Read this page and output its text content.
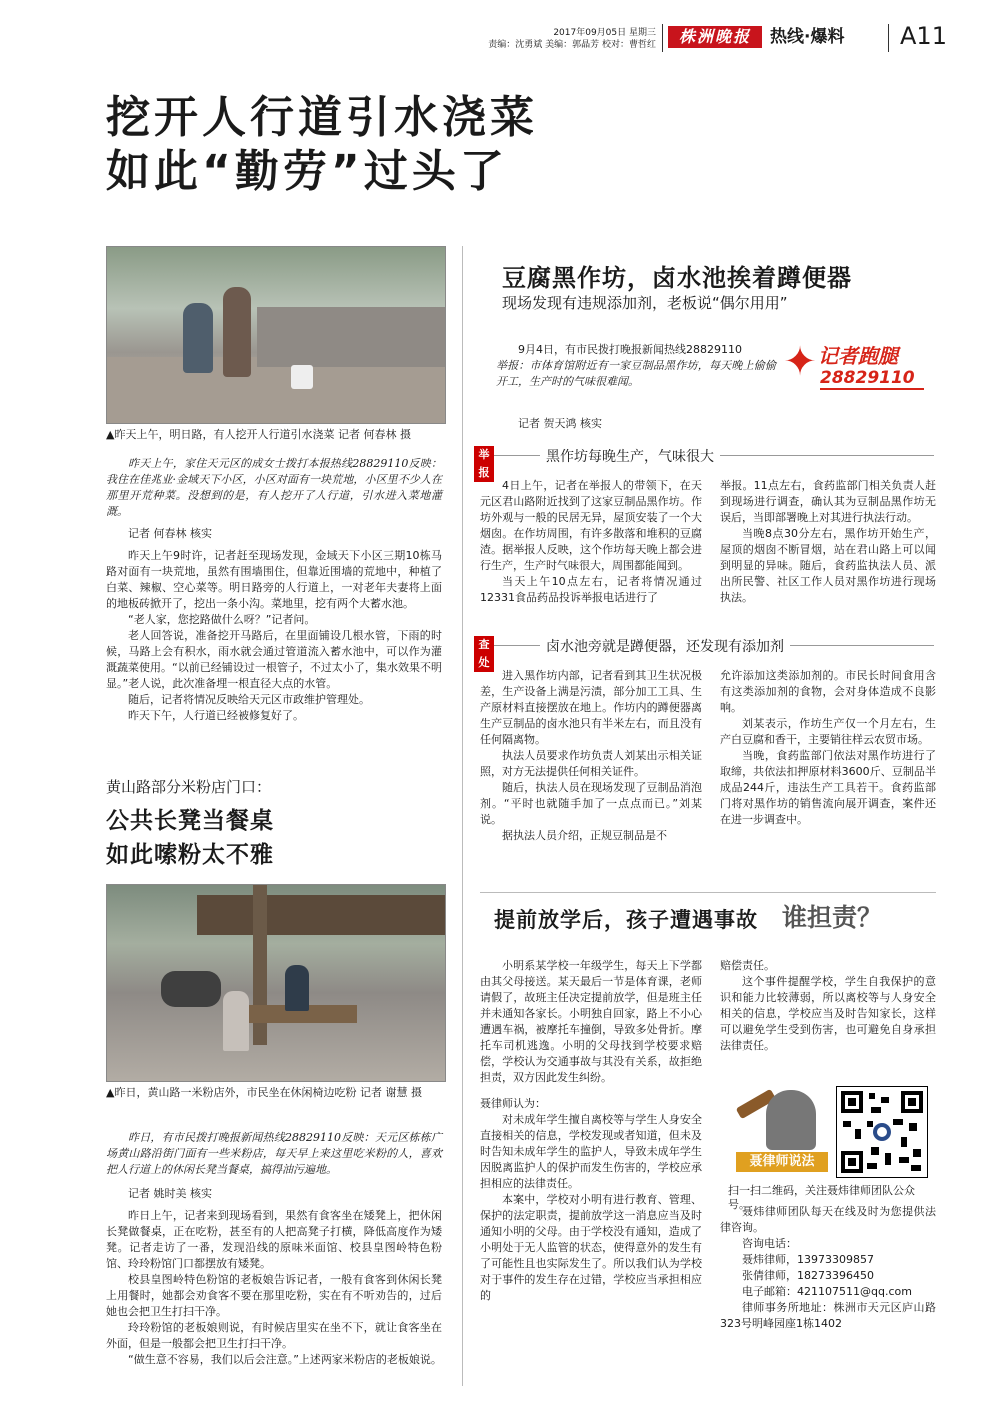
2017年09月05日 星期三
责编：沈勇斌 美编：郭晶芳 校对：曹哲红	株洲晚报	热线·爆料 A11
挖开人行道引水浇菜
如此“勤劳”过头了
▲昨天上午，明日路，有人挖开人行道引水浇菜 记者 何春林 摄

昨天上午，家住天元区的成女士拨打本报热线28829110反映：我住在佳兆业·金域天下小区，小区对面有一块荒地，小区里不少人在那里开荒种菜。没想到的是，有人挖开了人行道，引水进入菜地灌溉。

记者 何春林 核实

昨天上午9时许，记者赶至现场发现，金域天下小区三期10栋马路对面有一块荒地，虽然有围墙围住，但靠近围墙的荒地中，种植了白菜、辣椒、空心菜等。明日路旁的人行道上，一对老年夫妻将上面的地板砖掀开了，挖出一条小沟。菜地里，挖有两个大蓄水池。

“老人家，您挖路做什么呀？”记者问。

老人回答说，准备挖开马路后，在里面铺设几根水管，下雨的时候，马路上会有积水，雨水就会通过管道流入蓄水池中，可以作为灌溉蔬菜使用。“以前已经铺设过一根管子，不过太小了，集水效果不明显。”老人说，此次准备埋一根直径大点的水管。

随后，记者将情况反映给天元区市政维护管理处。

昨天下午，人行道已经被修复好了。

黄山路部分米粉店门口：
公共长凳当餐桌
如此嗦粉太不雅
▲昨日，黄山路一米粉店外，市民坐在休闲椅边吃粉 记者 谢慧 摄

昨日，有市民拨打晚报新闻热线28829110反映：天元区栋栋广场黄山路沿街门面有一些米粉店，每天早上来这里吃米粉的人，喜欢把人行道上的休闲长凳当餐桌，搞得油污遍地。

记者 姚时美 核实

昨日上午，记者来到现场看到，果然有食客坐在矮凳上，把休闲长凳做餐桌，正在吃粉，甚至有的人把高凳子打横，降低高度作为矮凳。记者走访了一番，发现沿线的原味米面馆、校县皇图岭特色粉馆、玲玲粉馆门口都摆放有矮凳。

校县皇图岭特色粉馆的老板娘告诉记者，一般有食客到休闲长凳上用餐时，她都会劝食客不要在那里吃粉，实在有不听劝告的，过后她也会把卫生打扫干净。

玲玲粉馆的老板娘则说，有时候店里实在坐不下，就让食客坐在外面，但是一般都会把卫生打扫干净。

“做生意不容易，我们以后会注意。”上述两家米粉店的老板娘说。

豆腐黑作坊，卤水池挨着蹲便器
现场发现有违规添加剂，老板说“偶尔用用”

9月4日，有市民拨打晚报新闻热线28829110

举报：市体育馆附近有一家豆制品黑作坊，每天晚上偷偷开工，生产时的气味很难闻。	✦ 记者跑腿
28829110
记者 贺天鸿 核实
举报
黑作坊每晚生产，气味很大

4日上午，记者在举报人的带领下，在天元区君山路附近找到了这家豆制品黑作坊。作坊外观与一般的民居无异，屋顶安装了一个大烟囱。在作坊周围，有许多散落和堆积的豆腐渣。据举报人反映，这个作坊每天晚上都会进行生产，生产时气味很大，周围都能闻到。

当天上午10点左右，记者将情况通过12331食品药品投诉举报电话进行了

举报。11点左右，食药监部门相关负责人赶到现场进行调查，确认其为豆制品黑作坊无误后，当即部署晚上对其进行执法行动。

当晚8点30分左右，黑作坊开始生产，屋顶的烟囱不断冒烟，站在君山路上可以闻到明显的异味。随后，食药监执法人员、派出所民警、社区工作人员对黑作坊进行现场执法。

查处
卤水池旁就是蹲便器，还发现有添加剂

进入黑作坊内部，记者看到其卫生状况极差，生产设备上满是污渍，部分加工工具、生产原材料直接摆放在地上。作坊内的蹲便器离生产豆制品的卤水池只有半米左右，而且没有任何隔离物。

执法人员要求作坊负责人刘某出示相关证照，对方无法提供任何相关证件。

随后，执法人员在现场发现了豆制品消泡剂。“平时也就随手加了一点点而已。”刘某说。

据执法人员介绍，正规豆制品是不

允许添加这类添加剂的。市民长时间食用含有这类添加剂的食物，会对身体造成不良影响。

刘某表示，作坊生产仅一个月左右，生产白豆腐和香干，主要销往样云农贸市场。

当晚，食药监部门依法对黑作坊进行了取缔，共依法扣押原材料3600斤、豆制品半成品244斤，违法生产工具若干。食药监部门将对黑作坊的销售流向展开调查，案件还在进一步调查中。

提前放学后，孩子遭遇事故 谁担责？

小明系某学校一年级学生，每天上下学都由其父母接送。某天最后一节是体育课，老师请假了，故班主任决定提前放学，但是班主任并未通知各家长。小明独自回家，路上不小心遭遇车祸，被摩托车撞倒，导致多处骨折。摩托车司机逃逸。小明的父母找到学校要求赔偿，学校认为交通事故与其没有关系，故拒绝担责，双方因此发生纠纷。

聂律师认为：

对未成年学生擅自离校等与学生人身安全直接相关的信息，学校发现或者知道，但未及时告知未成年学生的监护人，导致未成年学生因脱离监护人的保护而发生伤害的，学校应承担相应的法律责任。

本案中，学校对小明有进行教育、管理、保护的法定职责，提前放学这一消息应当及时通知小明的父母。由于学校没有通知，造成了小明处于无人监管的状态，使得意外的发生有了可能性且也实际发生了。所以我们认为学校对于事件的发生存在过错，学校应当承担相应的

赔偿责任。

这个事件提醒学校，学生自我保护的意识和能力比较薄弱，所以离校等与人身安全相关的信息，学校应当及时告知家长，这样可以避免学生受到伤害，也可避免自身承担法律责任。

聂律师说法
扫一扫二维码，关注聂炜律师团队公众号。

聂炜律师团队每天在线及时为您提供法律咨询。

咨询电话：

聂炜律师，13973309857

张倩律师，18273396450

电子邮箱：421107511@qq.com

律师事务所地址：株洲市天元区庐山路323号明峰园座1栋1402
